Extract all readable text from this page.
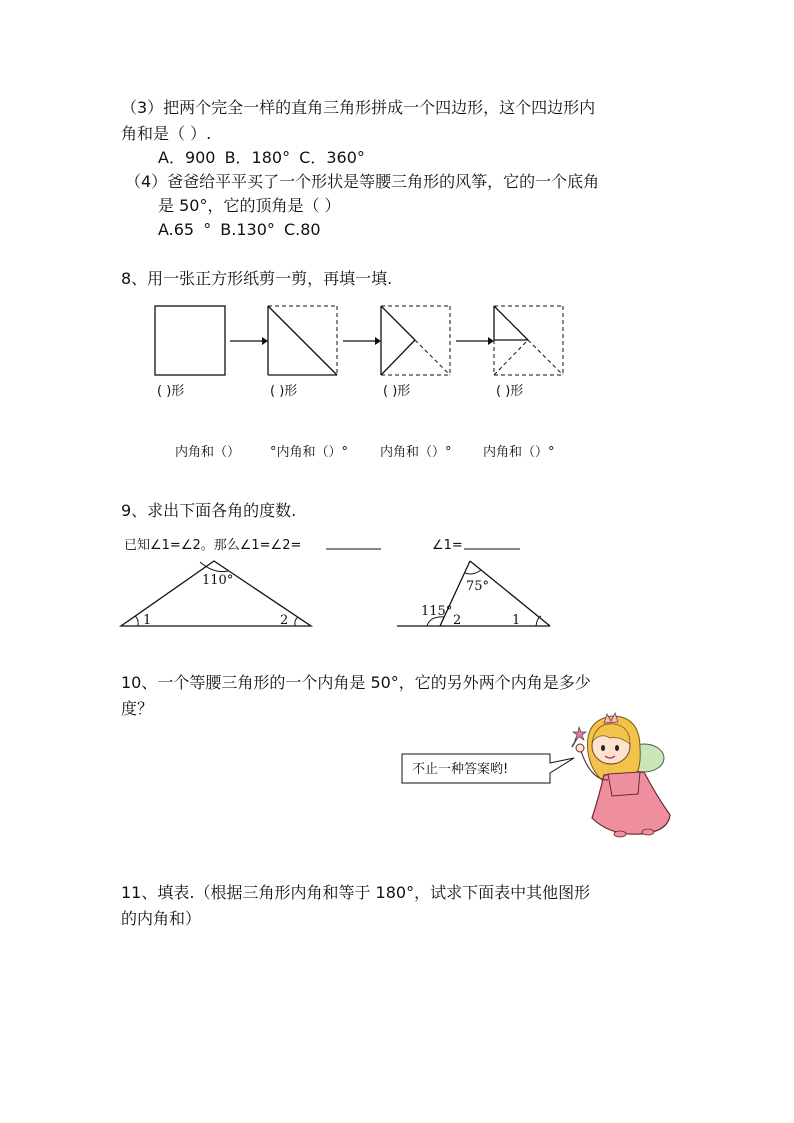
（3）把两个完全一样的直角三角形拼成一个四边形，这个四边形内
角和是（ ）.
A．900 B．180° C．360°
（4）爸爸给平平买了一个形状是等腰三角形的风筝，它的一个底角
是 50°，它的顶角是（ ）
A.65 ° B.130° C.80
8、用一张正方形纸剪一剪，再填一填.
( )形	( )形	( )形	( )形
内角和（） °内角和（）° 内角和（）° 内角和（）°
9、求出下面各角的度数.
已知∠1=∠2。那么∠1=∠2=	∠1=
110°
1	2
75°
115°
2	1
10、一个等腰三角形的一个内角是 50°，它的另外两个内角是多少
度？
不止一种答案哟!
11、填表.（根据三角形内角和等于 180°，试求下面表中其他图形
的内角和）
